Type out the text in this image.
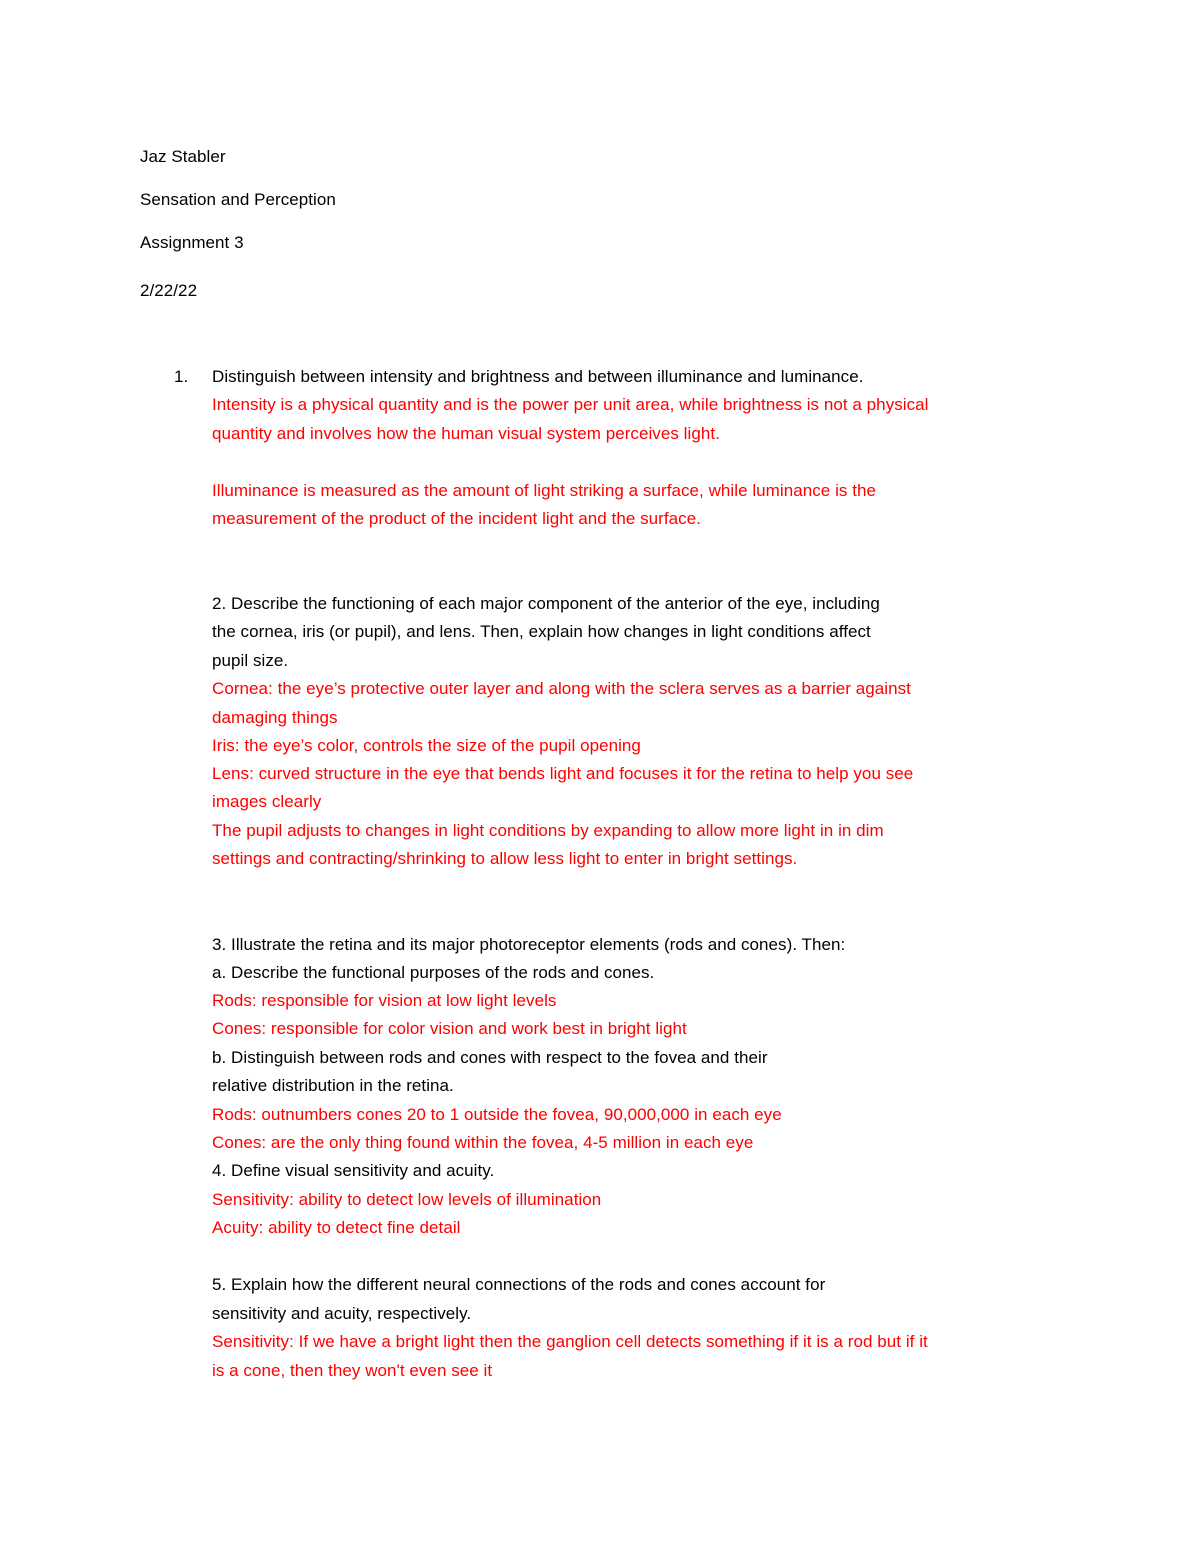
Jaz Stabler
Sensation and Perception
Assignment 3
2/22/22
1. Distinguish between intensity and brightness and between illuminance and luminance.
Intensity is a physical quantity and is the power per unit area, while brightness is not a physical
quantity and involves how the human visual system perceives light.
Illuminance is measured as the amount of light striking a surface, while luminance is the
measurement of the product of the incident light and the surface.
2. Describe the functioning of each major component of the anterior of the eye, including
the cornea, iris (or pupil), and lens. Then, explain how changes in light conditions affect
pupil size.
Cornea: the eye’s protective outer layer and along with the sclera serves as a barrier against
damaging things
Iris: the eye’s color, controls the size of the pupil opening
Lens: curved structure in the eye that bends light and focuses it for the retina to help you see
images clearly
The pupil adjusts to changes in light conditions by expanding to allow more light in in dim
settings and contracting/shrinking to allow less light to enter in bright settings.
3. Illustrate the retina and its major photoreceptor elements (rods and cones). Then:
a. Describe the functional purposes of the rods and cones.
Rods: responsible for vision at low light levels
Cones: responsible for color vision and work best in bright light
b. Distinguish between rods and cones with respect to the fovea and their
relative distribution in the retina.
Rods: outnumbers cones 20 to 1 outside the fovea, 90,000,000 in each eye
Cones: are the only thing found within the fovea, 4-5 million in each eye
4. Define visual sensitivity and acuity.
Sensitivity: ability to detect low levels of illumination
Acuity: ability to detect fine detail
5. Explain how the different neural connections of the rods and cones account for
sensitivity and acuity, respectively.
Sensitivity: If we have a bright light then the ganglion cell detects something if it is a rod but if it
is a cone, then they won't even see it
